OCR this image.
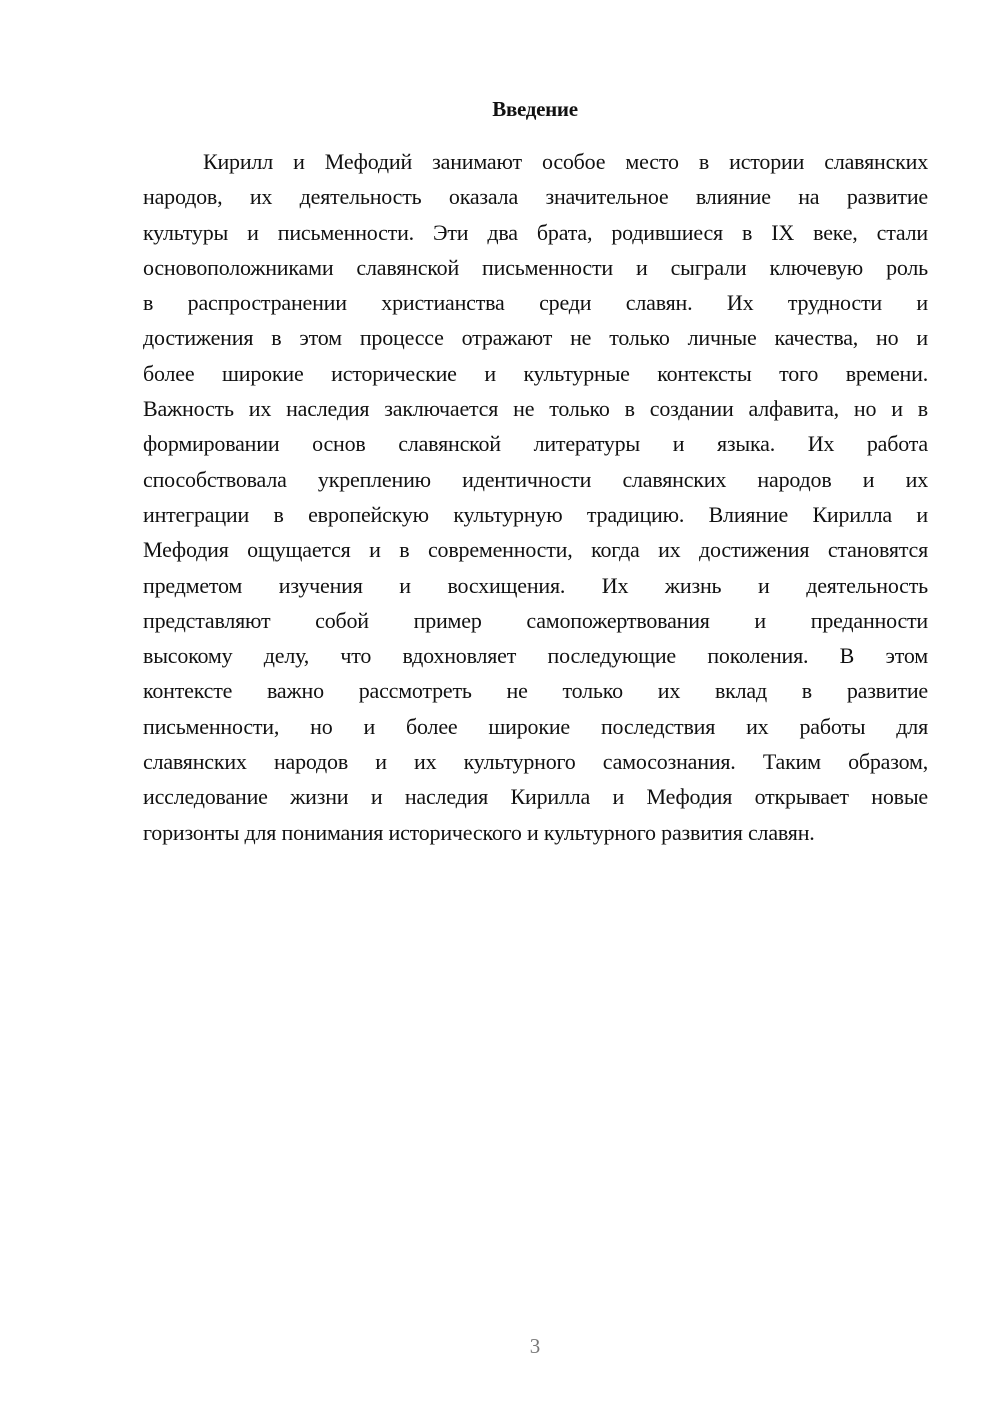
Введение
Кирилл и Мефодий занимают особое место в истории славянских
народов, их деятельность оказала значительное влияние на развитие
культуры и письменности. Эти два брата, родившиеся в IX веке, стали
основоположниками славянской письменности и сыграли ключевую роль
в распространении христианства среди славян. Их трудности и
достижения в этом процессе отражают не только личные качества, но и
более широкие исторические и культурные контексты того времени.
Важность их наследия заключается не только в создании алфавита, но и в
формировании основ славянской литературы и языка. Их работа
способствовала укреплению идентичности славянских народов и их
интеграции в европейскую культурную традицию. Влияние Кирилла и
Мефодия ощущается и в современности, когда их достижения становятся
предметом изучения и восхищения. Их жизнь и деятельность
представляют собой пример самопожертвования и преданности
высокому делу, что вдохновляет последующие поколения. В этом
контексте важно рассмотреть не только их вклад в развитие
письменности, но и более широкие последствия их работы для
славянских народов и их культурного самосознания. Таким образом,
исследование жизни и наследия Кирилла и Мефодия открывает новые
горизонты для понимания исторического и культурного развития славян.
3
